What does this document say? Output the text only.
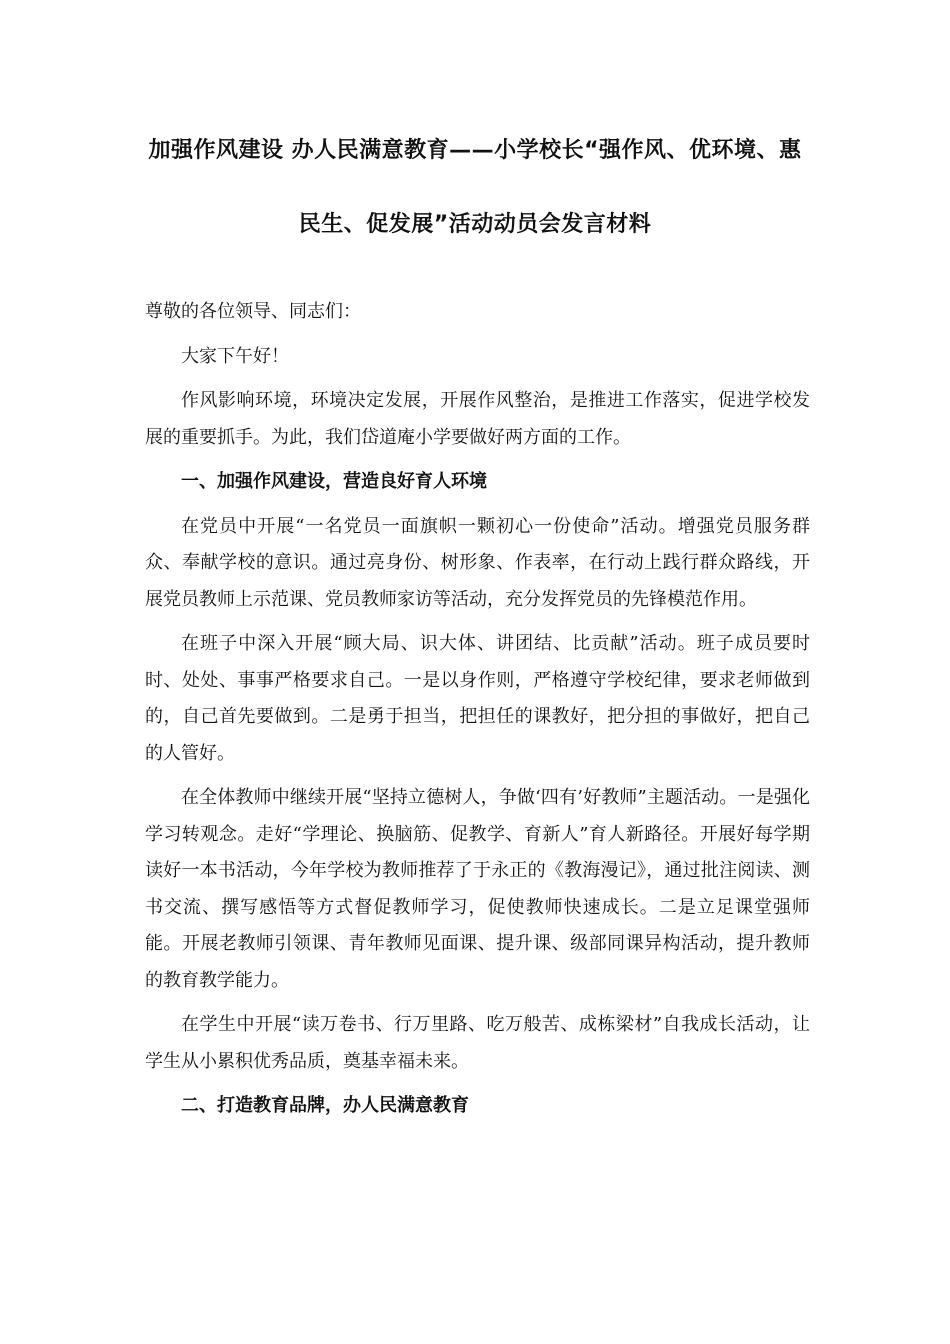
加强作风建设 办人民满意教育——小学校长“强作风、优环境、惠
民生、促发展”活动动员会发言材料

尊敬的各位领导、同志们：

大家下午好！

作风影响环境，环境决定发展，开展作风整治，是推进工作落实，促进学校发展的重要抓手。为此，我们岱道庵小学要做好两方面的工作。

一、加强作风建设，营造良好育人环境

在党员中开展“一名党员一面旗帜一颗初心一份使命”活动。增强党员服务群众、奉献学校的意识。通过亮身份、树形象、作表率，在行动上践行群众路线，开展党员教师上示范课、党员教师家访等活动，充分发挥党员的先锋模范作用。

在班子中深入开展“顾大局、识大体、讲团结、比贡献”活动。班子成员要时时、处处、事事严格要求自己。一是以身作则，严格遵守学校纪律，要求老师做到的，自己首先要做到。二是勇于担当，把担任的课教好，把分担的事做好，把自己的人管好。

在全体教师中继续开展“坚持立德树人，争做‘四有’好教师”主题活动。一是强化学习转观念。走好“学理论、换脑筋、促教学、育新人”育人新路径。开展好每学期读好一本书活动，今年学校为教师推荐了于永正的《教海漫记》，通过批注阅读、测书交流、撰写感悟等方式督促教师学习，促使教师快速成长。二是立足课堂强师能。开展老教师引领课、青年教师见面课、提升课、级部同课异构活动，提升教师的教育教学能力。

在学生中开展“读万卷书、行万里路、吃万般苦、成栋梁材”自我成长活动，让学生从小累积优秀品质，奠基幸福未来。

二、打造教育品牌，办人民满意教育
